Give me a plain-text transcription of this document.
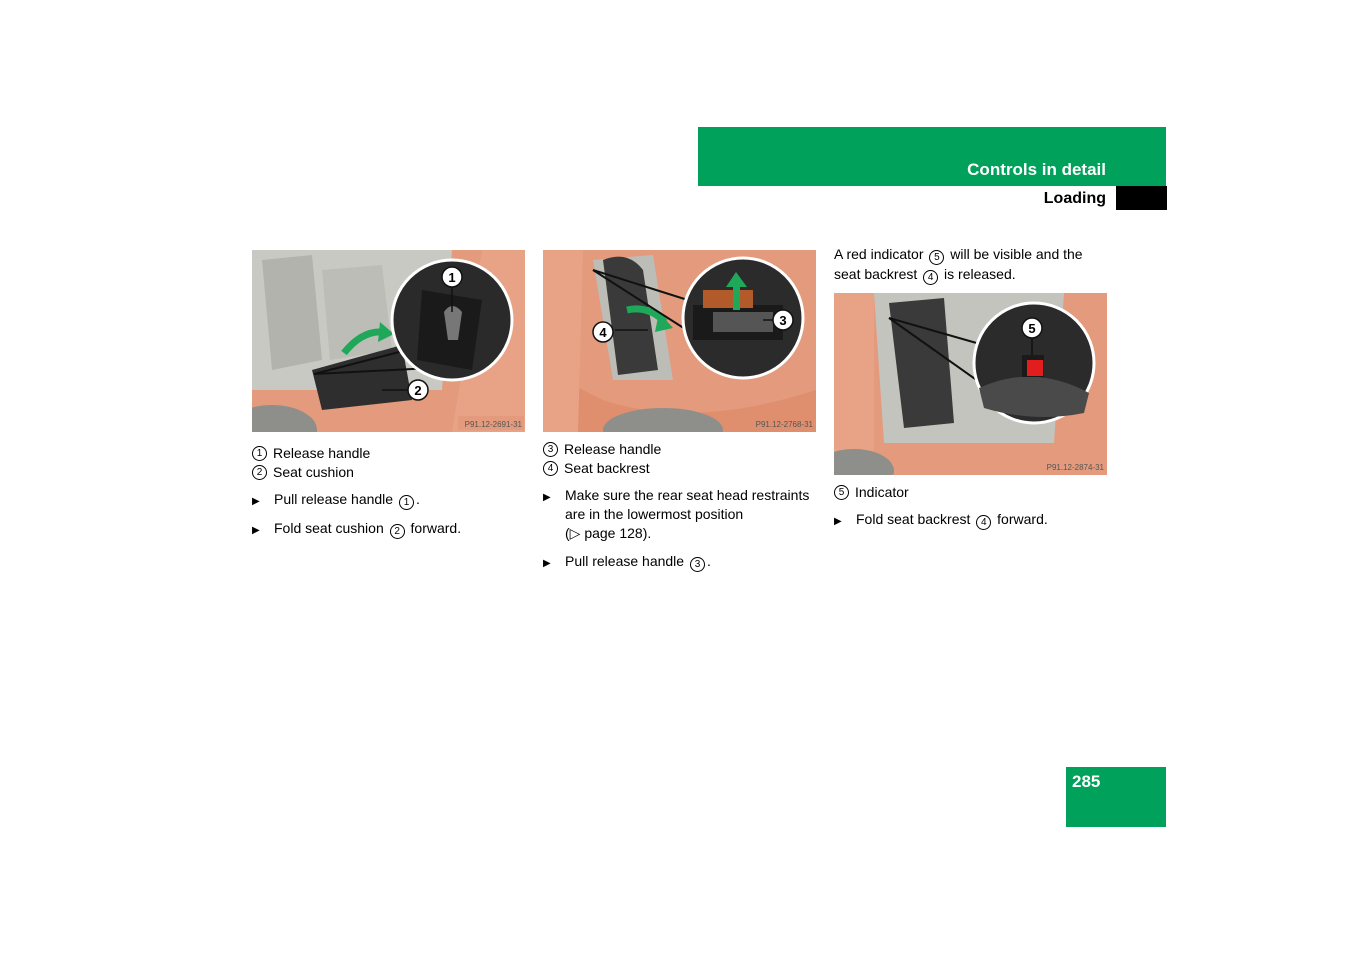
Controls in detail
Loading
1
2
P91.12-2691-31
1 Release handle
2 Seat cushion
▶	Pull release handle 1 .
▶	Fold seat cushion 2 forward.
3
4
P91.12-2768-31
3 Release handle
4 Seat backrest
▶	Make sure the rear seat head restraints
are in the lowermost position
(▷ page 128).
▶	Pull release handle 3 .
A red indicator 5 will be visible and the
seat backrest 4 is released.
5
P91.12-2874-31
5 Indicator
▶	Fold seat backrest 4 forward.
285
